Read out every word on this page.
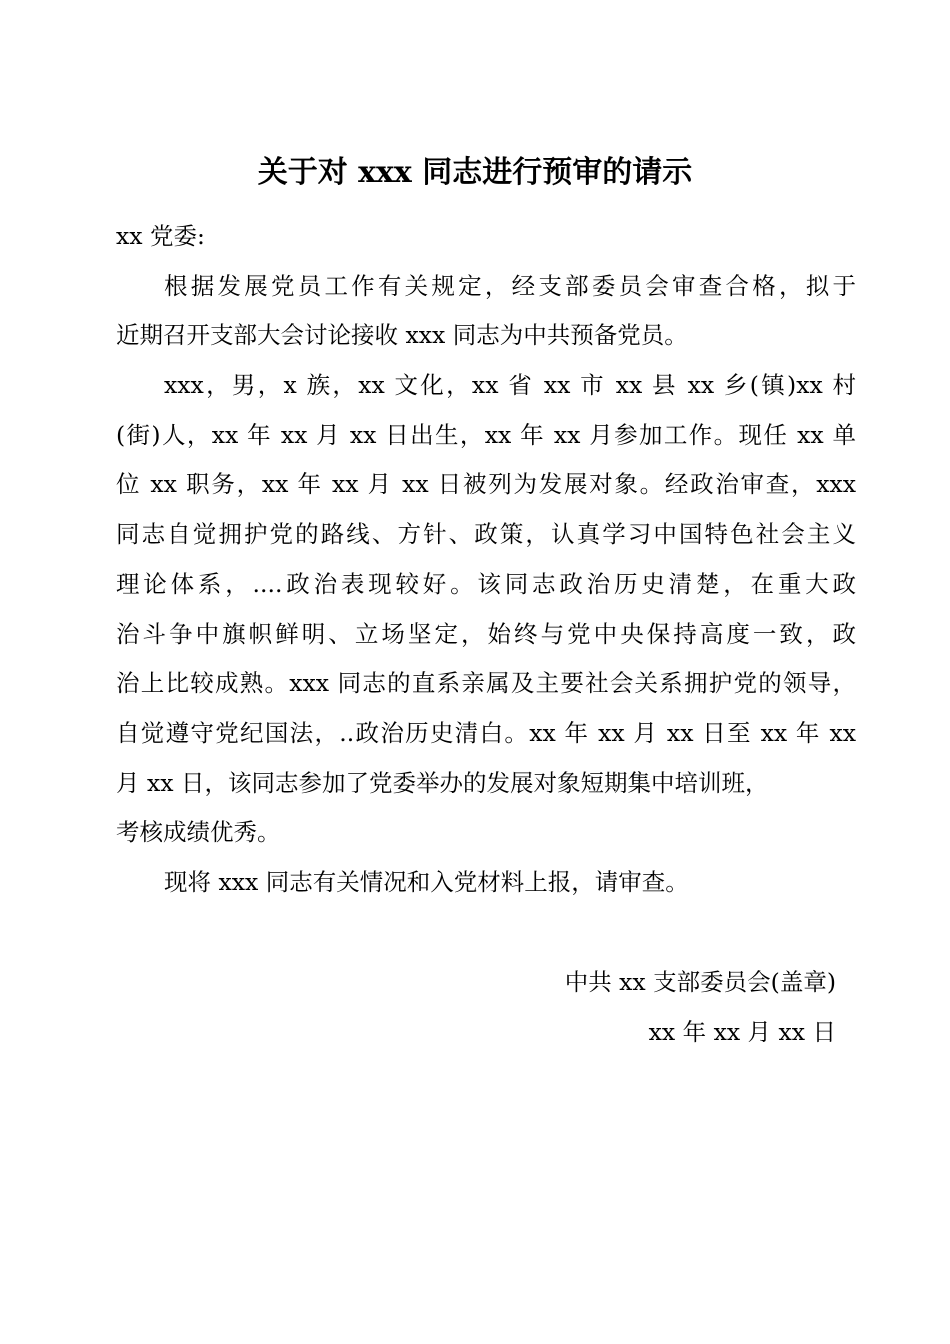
关于对 xxx 同志进行预审的请示
xx 党委:
根据发展党员工作有关规定，经支部委员会审查合格，拟于
近期召开支部大会讨论接收 xxx 同志为中共预备党员。
xxx，男，x 族，xx 文化，xx 省 xx 市 xx 县 xx 乡(镇)xx 村
(街)人，xx 年 xx 月 xx 日出生，xx 年 xx 月参加工作。现任 xx 单
位 xx 职务，xx 年 xx 月 xx 日被列为发展对象。经政治审查，xxx
同志自觉拥护党的路线、方针、政策，认真学习中国特色社会主义
理论体系，....政治表现较好。该同志政治历史清楚，在重大政
治斗争中旗帜鲜明、立场坚定，始终与党中央保持高度一致，政
治上比较成熟。xxx 同志的直系亲属及主要社会关系拥护党的领导，
自觉遵守党纪国法，..政治历史清白。xx 年 xx 月 xx 日至 xx 年 xx
月 xx 日，该同志参加了党委举办的发展对象短期集中培训班，
考核成绩优秀。
现将 xxx 同志有关情况和入党材料上报，请审查。
中共 xx 支部委员会(盖章)
xx 年 xx 月 xx 日
